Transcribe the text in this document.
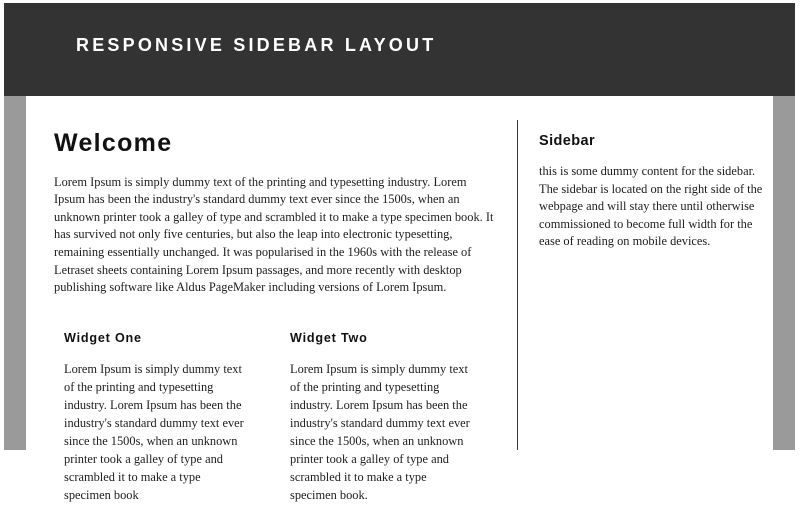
RESPONSIVE SIDEBAR LAYOUT
Welcome

Lorem Ipsum is simply dummy text of the printing and typesetting industry. Lorem Ipsum has been the industry's standard dummy text ever since the 1500s, when an unknown printer took a galley of type and scrambled it to make a type specimen book. It has survived not only five centuries, but also the leap into electronic typesetting, remaining essentially unchanged. It was popularised in the 1960s with the release of Letraset sheets containing Lorem Ipsum passages, and more recently with desktop publishing software like Aldus PageMaker including versions of Lorem Ipsum.

Widget One

Lorem Ipsum is simply dummy text of the printing and typesetting industry. Lorem Ipsum has been the industry's standard dummy text ever since the 1500s, when an unknown printer took a galley of type and scrambled it to make a type specimen book

Widget Two

Lorem Ipsum is simply dummy text of the printing and typesetting industry. Lorem Ipsum has been the industry's standard dummy text ever since the 1500s, when an unknown printer took a galley of type and scrambled it to make a type specimen book.

Sidebar

this is some dummy content for the sidebar. The sidebar is located on the right side of the webpage and will stay there until otherwise commissioned to become full width for the ease of reading on mobile devices.
